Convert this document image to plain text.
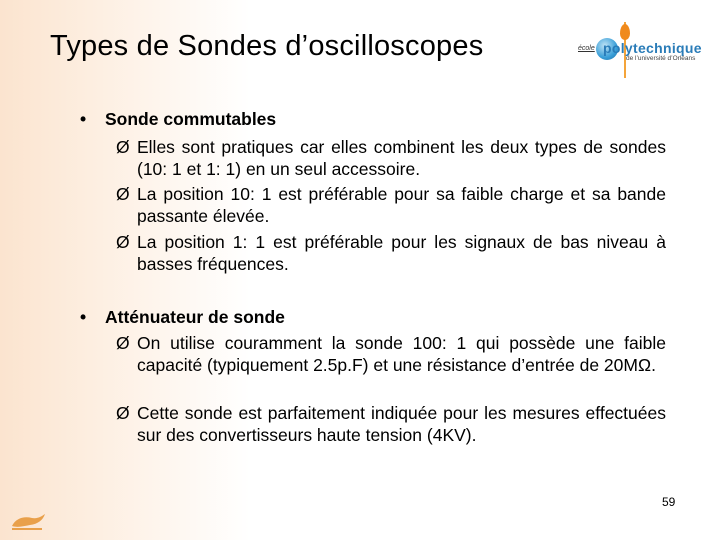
Types de Sondes d’oscilloscopes	école polytechnique
de l’université d’Orléans
• Sonde commutables
Ø Elles sont pratiques car elles combinent les deux types de sondes (10: 1 et 1: 1) en un seul accessoire.
Ø La position 10: 1 est préférable pour sa faible charge et sa bande passante élevée.
Ø La position 1: 1 est préférable pour les signaux de bas niveau à basses fréquences.
• Atténuateur de sonde
Ø On utilise couramment la sonde 100: 1 qui possède une faible capacité (typiquement 2.5p.F) et une résistance d’entrée de 20MΩ.
Ø Cette sonde est parfaitement indiquée pour les mesures effectuées sur des convertisseurs haute tension (4KV).
59
